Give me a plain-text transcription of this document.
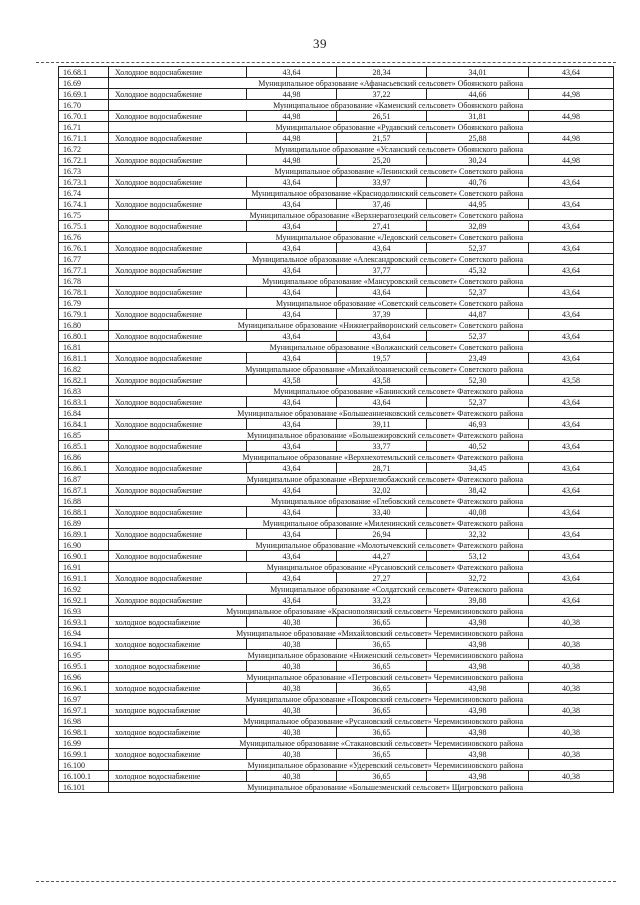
39
16.68.1	Холодное водоснабжение	43,64	28,34	34,01	43,64
16.69	Муниципальное образование «Афанасьевский сельсовет» Обоянского района				
16.69.1	Холодное водоснабжение	44,98	37,22	44,66	44,98
16.70	Муниципальное образование «Каменский сельсовет» Обоянского района				
16.70.1	Холодное водоснабжение	44,98	26,51	31,81	44,98
16.71	Муниципальное образование «Рудавский сельсовет» Обоянского района				
16.71.1	Холодное водоснабжение	44,98	21,57	25,88	44,98
16.72	Муниципальное образование «Усланский сельсовет» Обоянского района				
16.72.1	Холодное водоснабжение	44,98	25,20	30,24	44,98
16.73	Муниципальное образование «Ленинский сельсовет» Советского района				
16.73.1	Холодное водоснабжение	43,64	33,97	40,76	43,64
16.74	Муниципальное образование «Краснодолинский сельсовет» Советского района				
16.74.1	Холодное водоснабжение	43,64	37,46	44,95	43,64
16.75	Муниципальное образование «Верхнерагозецкий сельсовет» Советского района				
16.75.1	Холодное водоснабжение	43,64	27,41	32,89	43,64
16.76	Муниципальное образование «Ледовский сельсовет» Советского района				
16.76.1	Холодное водоснабжение	43,64	43,64	52,37	43,64
16.77	Муниципальное образование «Александровский сельсовет» Советского района				
16.77.1	Холодное водоснабжение	43,64	37,77	45,32	43,64
16.78	Муниципальное образование «Мансуровский сельсовет» Советского района				
16.78.1	Холодное водоснабжение	43,64	43,64	52,37	43,64
16.79	Муниципальное образование «Советский сельсовет» Советского района				
16.79.1	Холодное водоснабжение	43,64	37,39	44,87	43,64
16.80	Муниципальное образование «Нижнеграйворонский сельсовет» Советского района				
16.80.1	Холодное водоснабжение	43,64	43,64	52,37	43,64
16.81	Муниципальное образование «Волжанский сельсовет» Советского района				
16.81.1	Холодное водоснабжение	43,64	19,57	23,49	43,64
16.82	Муниципальное образование «Михайлоанненский сельсовет» Советского района				
16.82.1	Холодное водоснабжение	43,58	43,58	52,30	43,58
16.83	Муниципальное образование «Банинский сельсовет» Фатежского района				
16.83.1	Холодное водоснабжение	43,64	43,64	52,37	43,64
16.84	Муниципальное образование «Большеанненковский сельсовет» Фатежского района				
16.84.1	Холодное водоснабжение	43,64	39,11	46,93	43,64
16.85	Муниципальное образование «Большежировский сельсовет» Фатежского района				
16.85.1	Холодное водоснабжение	43,64	33,77	40,52	43,64
16.86	Муниципальное образование «Верхнехотемльский сельсовет» Фатежского района				
16.86.1	Холодное водоснабжение	43,64	28,71	34,45	43,64
16.87	Муниципальное образование «Верхнелюбажский сельсовет» Фатежского района				
16.87.1	Холодное водоснабжение	43,64	32,02	38,42	43,64
16.88	Муниципальное образование «Глебовский сельсовет» Фатежского района				
16.88.1	Холодное водоснабжение	43,64	33,40	40,08	43,64
16.89	Муниципальное образование «Миленинский сельсовет» Фатежского района				
16.89.1	Холодное водоснабжение	43,64	26,94	32,32	43,64
16.90	Муниципальное образование «Молотычевский сельсовет» Фатежского района				
16.90.1	Холодное водоснабжение	43,64	44,27	53,12	43,64
16.91	Муниципальное образование «Русановский сельсовет» Фатежского района				
16.91.1	Холодное водоснабжение	43,64	27,27	32,72	43,64
16.92	Муниципальное образование «Солдатский сельсовет» Фатежского района				
16.92.1	Холодное водоснабжение	43,64	33,23	39,88	43,64
16.93	Муниципальное образование «Краснополянский сельсовет» Черемисиновского района				
16.93.1	холодное водоснабжение	40,38	36,65	43,98	40,38
16.94	Муниципальное образование «Михайловский сельсовет» Черемисиновского района				
16.94.1	холодное водоснабжение	40,38	36,65	43,98	40,38
16.95	Муниципальное образование «Ниженский сельсовет» Черемисиновского района				
16.95.1	холодное водоснабжение	40,38	36,65	43,98	40,38
16.96	Муниципальное образование «Петровский сельсовет» Черемисиновского района				
16.96.1	холодное водоснабжение	40,38	36,65	43,98	40,38
16.97	Муниципальное образование «Покровский сельсовет» Черемисиновского района				
16.97.1	холодное водоснабжение	40,38	36,65	43,98	40,38
16.98	Муниципальное образование «Русановский сельсовет» Черемисиновского района				
16.98.1	холодное водоснабжение	40,38	36,65	43,98	40,38
16.99	Муниципальное образование «Стакановский сельсовет» Черемисиновского района				
16.99.1	холодное водоснабжение	40,38	36,65	43,98	40,38
16.100	Муниципальное образование «Удеревский сельсовет» Черемисиновского района				
16.100.1	холодное водоснабжение	40,38	36,65	43,98	40,38
16.101	Муниципальное образование «Большезменский сельсовет» Щигровского района				
